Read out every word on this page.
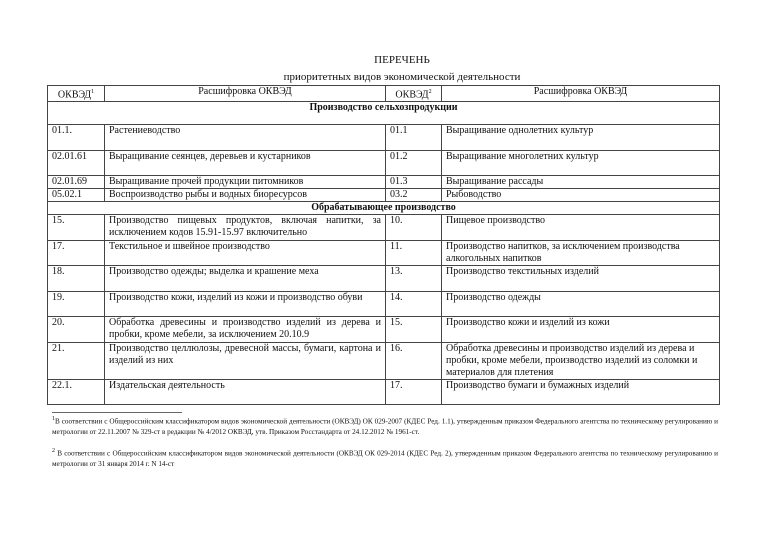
ПЕРЕЧЕНЬ
приоритетных видов экономической деятельности
ОКВЭД$^1$	Расшифровка ОКВЭД	ОКВЭД$^2$	Расшифровка ОКВЭД
Производство сельхозпродукции			
01.1.	Растениеводство	01.1	Выращивание однолетних культур
02.01.61	Выращивание сеянцев, деревьев и кустарников	01.2	Выращивание многолетних культур
02.01.69	Выращивание прочей продукции питомников	01.3	Выращивание рассады
05.02.1	Воспроизводство рыбы и водных биоресурсов	03.2	Рыбоводство
Обрабатывающее производство			
15.	Производство пищевых продуктов, включая напитки, за исключением кодов 15.91-15.97 включительно	10.	Пищевое производство
17.	Текстильное и швейное производство	11.	Производство напитков, за исключением производства алкогольных напитков
18.	Производство одежды; выделка и крашение меха	13.	Производство текстильных изделий
19.	Производство кожи, изделий из кожи и производство обуви	14.	Производство одежды
20.	Обработка древесины и производство изделий из дерева и пробки, кроме мебели, за исключением 20.10.9	15.	Производство кожи и изделий из кожи
21.	Производство целлюлозы, древесной массы, бумаги, картона и изделий из них	16.	Обработка древесины и производство изделий из дерева и пробки, кроме мебели, производство изделий из соломки и материалов для плетения
22.1.	Издательская деятельность	17.	Производство бумаги и бумажных изделий
$^1$В соответствии с Общероссийским классификатором видов экономической деятельности (ОКВЭД) ОК 029-2007 (КДЕС Ред. 1.1), утвержденным приказом Федерального агентства по техническому регулированию и метрологии от 22.11.2007 № 329-ст в редакции № 4/2012 ОКВЭД, утв. Приказом Росстандарта от 24.12.2012 № 1961-ст.
$^2$ В соответствии с Общероссийским классификатором видов экономической деятельности (ОКВЭД ОК 029-2014 (КДЕС Ред. 2), утвержденным приказом Федерального агентства по техническому регулированию и метрологии от 31 января 2014 г. N 14-ст
